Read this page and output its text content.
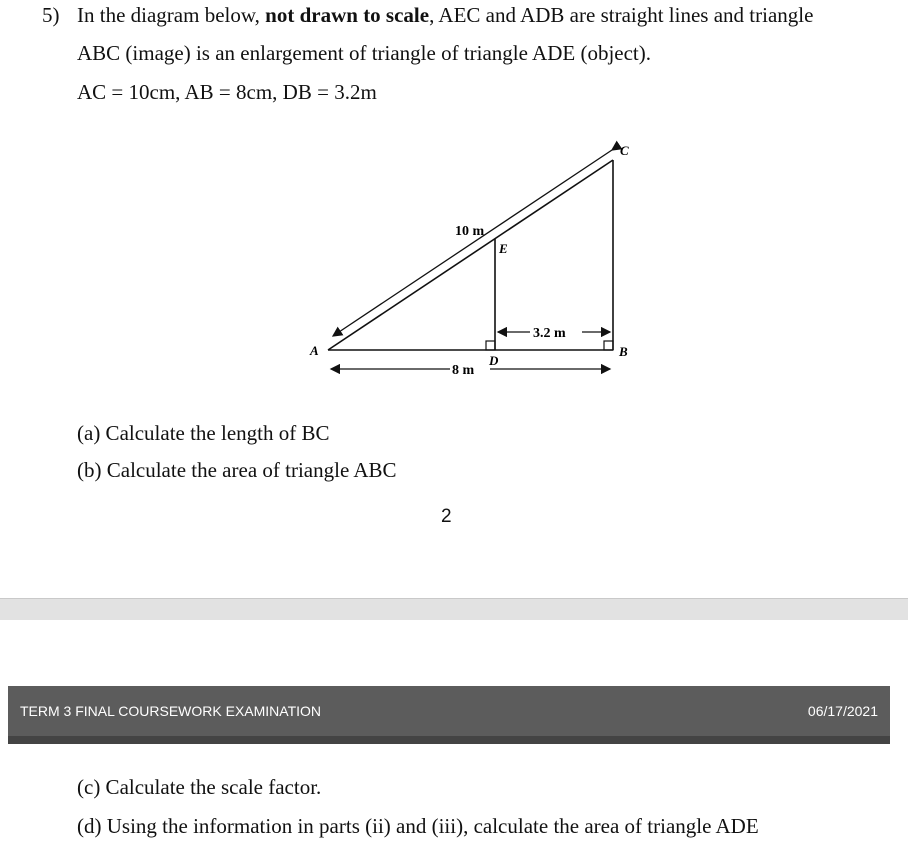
5) In the diagram below, not drawn to scale, AEC and ADB are straight lines and triangle
ABC (image) is an enlargement of triangle of triangle ADE (object).
AC = 10cm, AB = 8cm, DB = 3.2m
A	B
C
D
E
10 m
3.2 m
8 m
(a) Calculate the length of BC
(b) Calculate the area of triangle ABC
2
TERM 3 FINAL COURSEWORK EXAMINATION	06/17/2021
(c) Calculate the scale factor.
(d) Using the information in parts (ii) and (iii), calculate the area of triangle ADE
